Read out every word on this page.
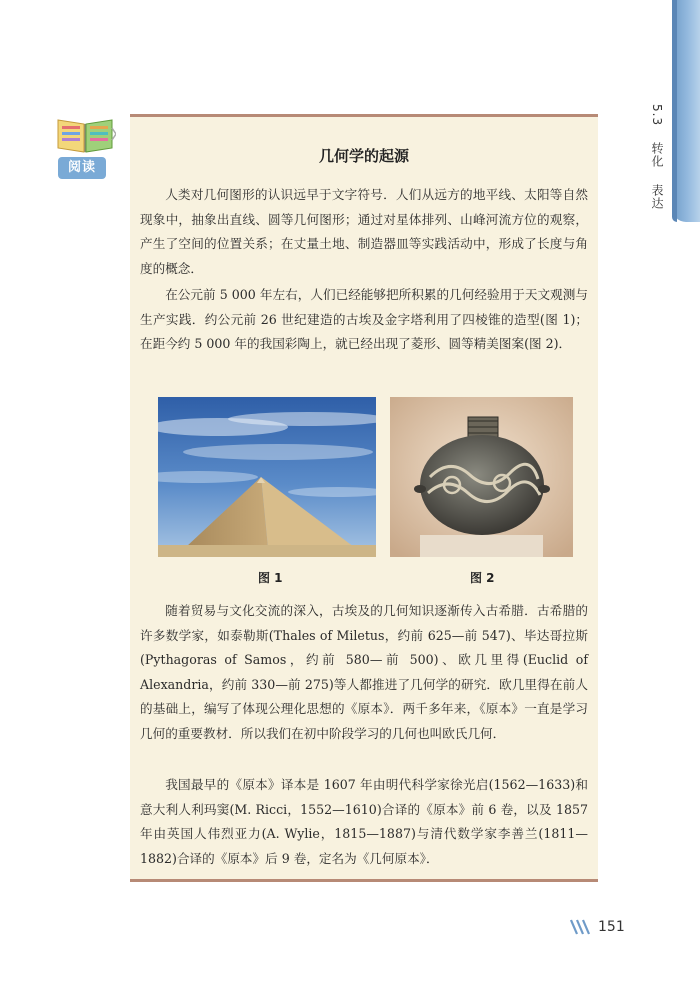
5.3转化表达
阅读
几何学的起源

人类对几何图形的认识远早于文字符号．人们从远方的地平线、太阳等自然现象中，抽象出直线、圆等几何图形；通过对星体排列、山峰河流方位的观察，产生了空间的位置关系；在丈量土地、制造器皿等实践活动中，形成了长度与角度的概念．

在公元前 5 000 年左右，人们已经能够把所积累的几何经验用于天文观测与生产实践．约公元前 26 世纪建造的古埃及金字塔利用了四棱锥的造型(图 1)；在距今约 5 000 年的我国彩陶上，就已经出现了菱形、圆等精美图案(图 2)．

图 1	图 2

随着贸易与文化交流的深入，古埃及的几何知识逐渐传入古希腊．古希腊的许多数学家，如泰勒斯(Thales of Miletus，约前 625—前 547)、毕达哥拉斯(Pythagoras of Samos，约前 580—前 500)、欧几里得(Euclid of Alexandria，约前 330—前 275)等人都推进了几何学的研究．欧几里得在前人的基础上，编写了体现公理化思想的《原本》．两千多年来，《原本》一直是学习几何的重要教材．所以我们在初中阶段学习的几何也叫欧氏几何．

我国最早的《原本》译本是 1607 年由明代科学家徐光启(1562—1633)和意大利人利玛窦(M. Ricci，1552—1610)合译的《原本》前 6 卷，以及 1857 年由英国人伟烈亚力(A. Wylie，1815—1887)与清代数学家李善兰(1811—1882)合译的《原本》后 9 卷，定名为《几何原本》．

151
